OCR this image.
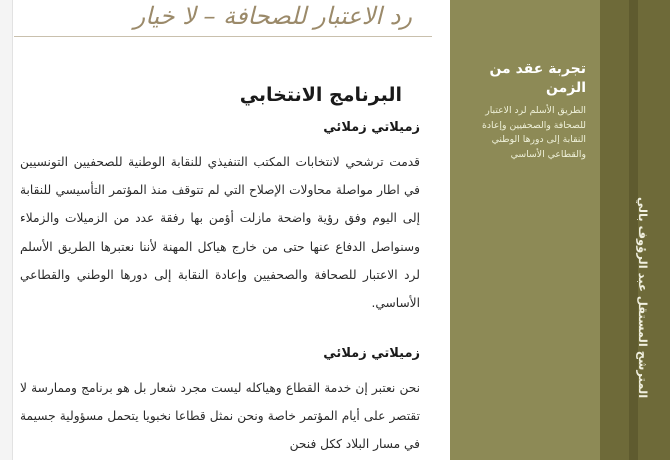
رد الاعتبار للصحافة – لا خيار
البرنامج الانتخابي
زميلاتي زملائي
قدمت ترشحي لانتخابات المكتب التنفيذي للنقابة الوطنية للصحفيين التونسيين في اطار مواصلة محاولات الإصلاح التي لم تتوقف منذ المؤتمر التأسيسي للنقابة إلى اليوم وفق رؤية واضحة مازلت أؤمن بها رفقة عدد من الزميلات والزملاء وسنواصل الدفاع عنها حتى من خارج هياكل المهنة لأننا نعتبرها الطريق الأسلم لرد الاعتبار للصحافة والصحفيين وإعادة النقابة إلى دورها الوطني والقطاعي الأساسي.
زميلاتي زملائي
نحن نعتبر إن خدمة القطاع وهياكله ليست مجرد شعار بل هو برنامج وممارسة لا تقتصر على أيام المؤتمر خاصة ونحن نمثل قطاعا نخبويا يتحمل مسؤولية جسيمة في مسار البلاد ككل فنحن
تجربة عقد من الزمن
الطريق الأسلم لرد الاعتبار للصحافة والصحفيين وإعادة النقابة إلى دورها الوطني والقطاعي الأساسي
المترشح المستقل عبد الرؤوف بالي
